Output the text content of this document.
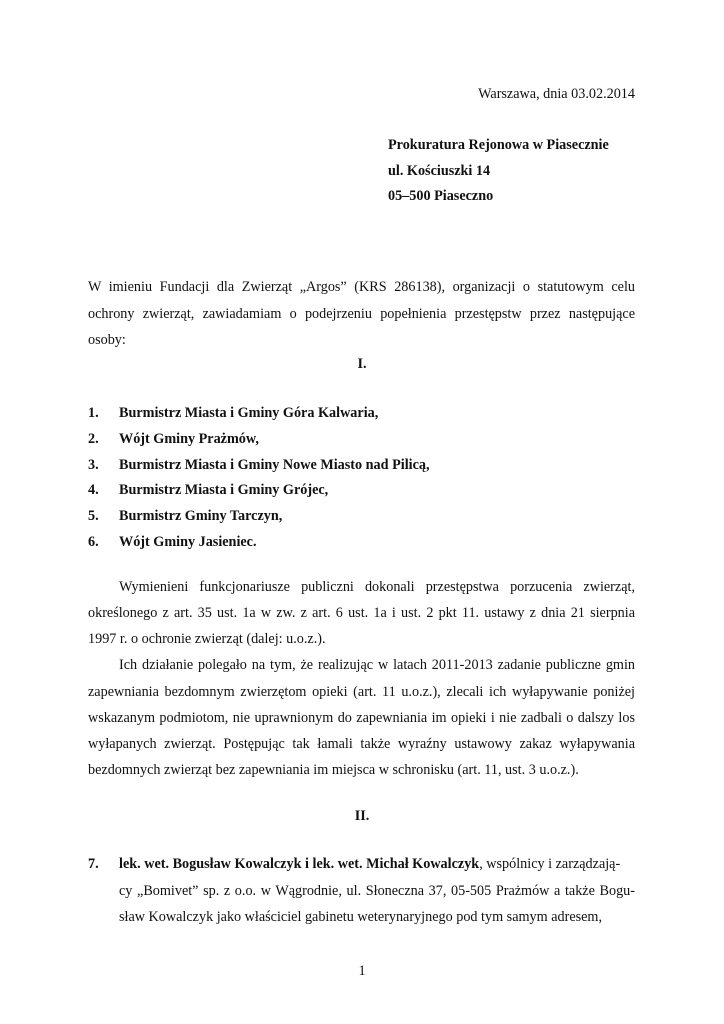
Warszawa, dnia 03.02.2014
Prokuratura Rejonowa w Piasecznie
ul. Kościuszki 14
05–500 Piaseczno
W imieniu Fundacji dla Zwierząt „Argos” (KRS 286138), organizacji o statutowym celu
ochrony zwierząt, zawiadamiam o podejrzeniu popełnienia przestępstw przez następujące
osoby:
I.
1. Burmistrz Miasta i Gminy Góra Kalwaria,
2. Wójt Gminy Prażmów,
3. Burmistrz Miasta i Gminy Nowe Miasto nad Pilicą,
4. Burmistrz Miasta i Gminy Grójec,
5. Burmistrz Gminy Tarczyn,
6. Wójt Gminy Jasieniec.
Wymienieni funkcjonariusze publiczni dokonali przestępstwa porzucenia zwierząt,
określonego z art. 35 ust. 1a w zw. z art. 6 ust. 1a i ust. 2 pkt 11. ustawy z dnia 21 sierpnia
1997 r. o ochronie zwierząt (dalej: u.o.z.).
Ich działanie polegało na tym, że realizując w latach 2011-2013 zadanie publiczne gmin
zapewniania bezdomnym zwierzętom opieki (art. 11 u.o.z.), zlecali ich wyłapywanie poniżej
wskazanym podmiotom, nie uprawnionym do zapewniania im opieki i nie zadbali o dalszy los
wyłapanych zwierząt. Postępując tak łamali także wyraźny ustawowy zakaz wyłapywania
bezdomnych zwierząt bez zapewniania im miejsca w schronisku (art. 11, ust. 3 u.o.z.).
II.
7. lek. wet. Bogusław Kowalczyk i lek. wet. Michał Kowalczyk, wspólnicy i zarządzają-
cy „Bomivet” sp. z o.o. w Wągrodnie, ul. Słoneczna 37, 05-505 Prażmów a także Bogu-
sław Kowalczyk jako właściciel gabinetu weterynaryjnego pod tym samym adresem,
1
